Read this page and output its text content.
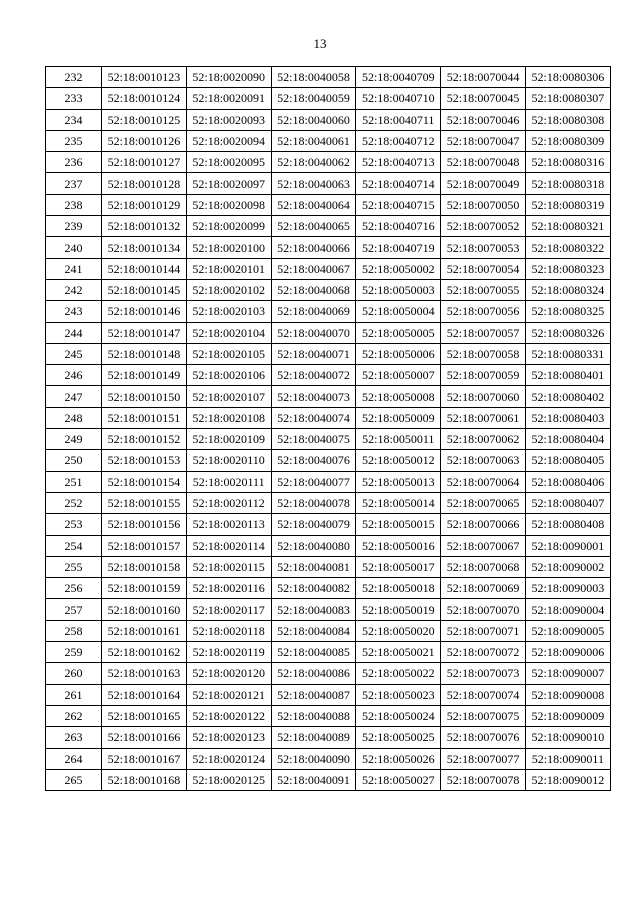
13
232	52:18:0010123	52:18:0020090	52:18:0040058	52:18:0040709	52:18:0070044	52:18:0080306
233	52:18:0010124	52:18:0020091	52:18:0040059	52:18:0040710	52:18:0070045	52:18:0080307
234	52:18:0010125	52:18:0020093	52:18:0040060	52:18:0040711	52:18:0070046	52:18:0080308
235	52:18:0010126	52:18:0020094	52:18:0040061	52:18:0040712	52:18:0070047	52:18:0080309
236	52:18:0010127	52:18:0020095	52:18:0040062	52:18:0040713	52:18:0070048	52:18:0080316
237	52:18:0010128	52:18:0020097	52:18:0040063	52:18:0040714	52:18:0070049	52:18:0080318
238	52:18:0010129	52:18:0020098	52:18:0040064	52:18:0040715	52:18:0070050	52:18:0080319
239	52:18:0010132	52:18:0020099	52:18:0040065	52:18:0040716	52:18:0070052	52:18:0080321
240	52:18:0010134	52:18:0020100	52:18:0040066	52:18:0040719	52:18:0070053	52:18:0080322
241	52:18:0010144	52:18:0020101	52:18:0040067	52:18:0050002	52:18:0070054	52:18:0080323
242	52:18:0010145	52:18:0020102	52:18:0040068	52:18:0050003	52:18:0070055	52:18:0080324
243	52:18:0010146	52:18:0020103	52:18:0040069	52:18:0050004	52:18:0070056	52:18:0080325
244	52:18:0010147	52:18:0020104	52:18:0040070	52:18:0050005	52:18:0070057	52:18:0080326
245	52:18:0010148	52:18:0020105	52:18:0040071	52:18:0050006	52:18:0070058	52:18:0080331
246	52:18:0010149	52:18:0020106	52:18:0040072	52:18:0050007	52:18:0070059	52:18:0080401
247	52:18:0010150	52:18:0020107	52:18:0040073	52:18:0050008	52:18:0070060	52:18:0080402
248	52:18:0010151	52:18:0020108	52:18:0040074	52:18:0050009	52:18:0070061	52:18:0080403
249	52:18:0010152	52:18:0020109	52:18:0040075	52:18:0050011	52:18:0070062	52:18:0080404
250	52:18:0010153	52:18:0020110	52:18:0040076	52:18:0050012	52:18:0070063	52:18:0080405
251	52:18:0010154	52:18:0020111	52:18:0040077	52:18:0050013	52:18:0070064	52:18:0080406
252	52:18:0010155	52:18:0020112	52:18:0040078	52:18:0050014	52:18:0070065	52:18:0080407
253	52:18:0010156	52:18:0020113	52:18:0040079	52:18:0050015	52:18:0070066	52:18:0080408
254	52:18:0010157	52:18:0020114	52:18:0040080	52:18:0050016	52:18:0070067	52:18:0090001
255	52:18:0010158	52:18:0020115	52:18:0040081	52:18:0050017	52:18:0070068	52:18:0090002
256	52:18:0010159	52:18:0020116	52:18:0040082	52:18:0050018	52:18:0070069	52:18:0090003
257	52:18:0010160	52:18:0020117	52:18:0040083	52:18:0050019	52:18:0070070	52:18:0090004
258	52:18:0010161	52:18:0020118	52:18:0040084	52:18:0050020	52:18:0070071	52:18:0090005
259	52:18:0010162	52:18:0020119	52:18:0040085	52:18:0050021	52:18:0070072	52:18:0090006
260	52:18:0010163	52:18:0020120	52:18:0040086	52:18:0050022	52:18:0070073	52:18:0090007
261	52:18:0010164	52:18:0020121	52:18:0040087	52:18:0050023	52:18:0070074	52:18:0090008
262	52:18:0010165	52:18:0020122	52:18:0040088	52:18:0050024	52:18:0070075	52:18:0090009
263	52:18:0010166	52:18:0020123	52:18:0040089	52:18:0050025	52:18:0070076	52:18:0090010
264	52:18:0010167	52:18:0020124	52:18:0040090	52:18:0050026	52:18:0070077	52:18:0090011
265	52:18:0010168	52:18:0020125	52:18:0040091	52:18:0050027	52:18:0070078	52:18:0090012
